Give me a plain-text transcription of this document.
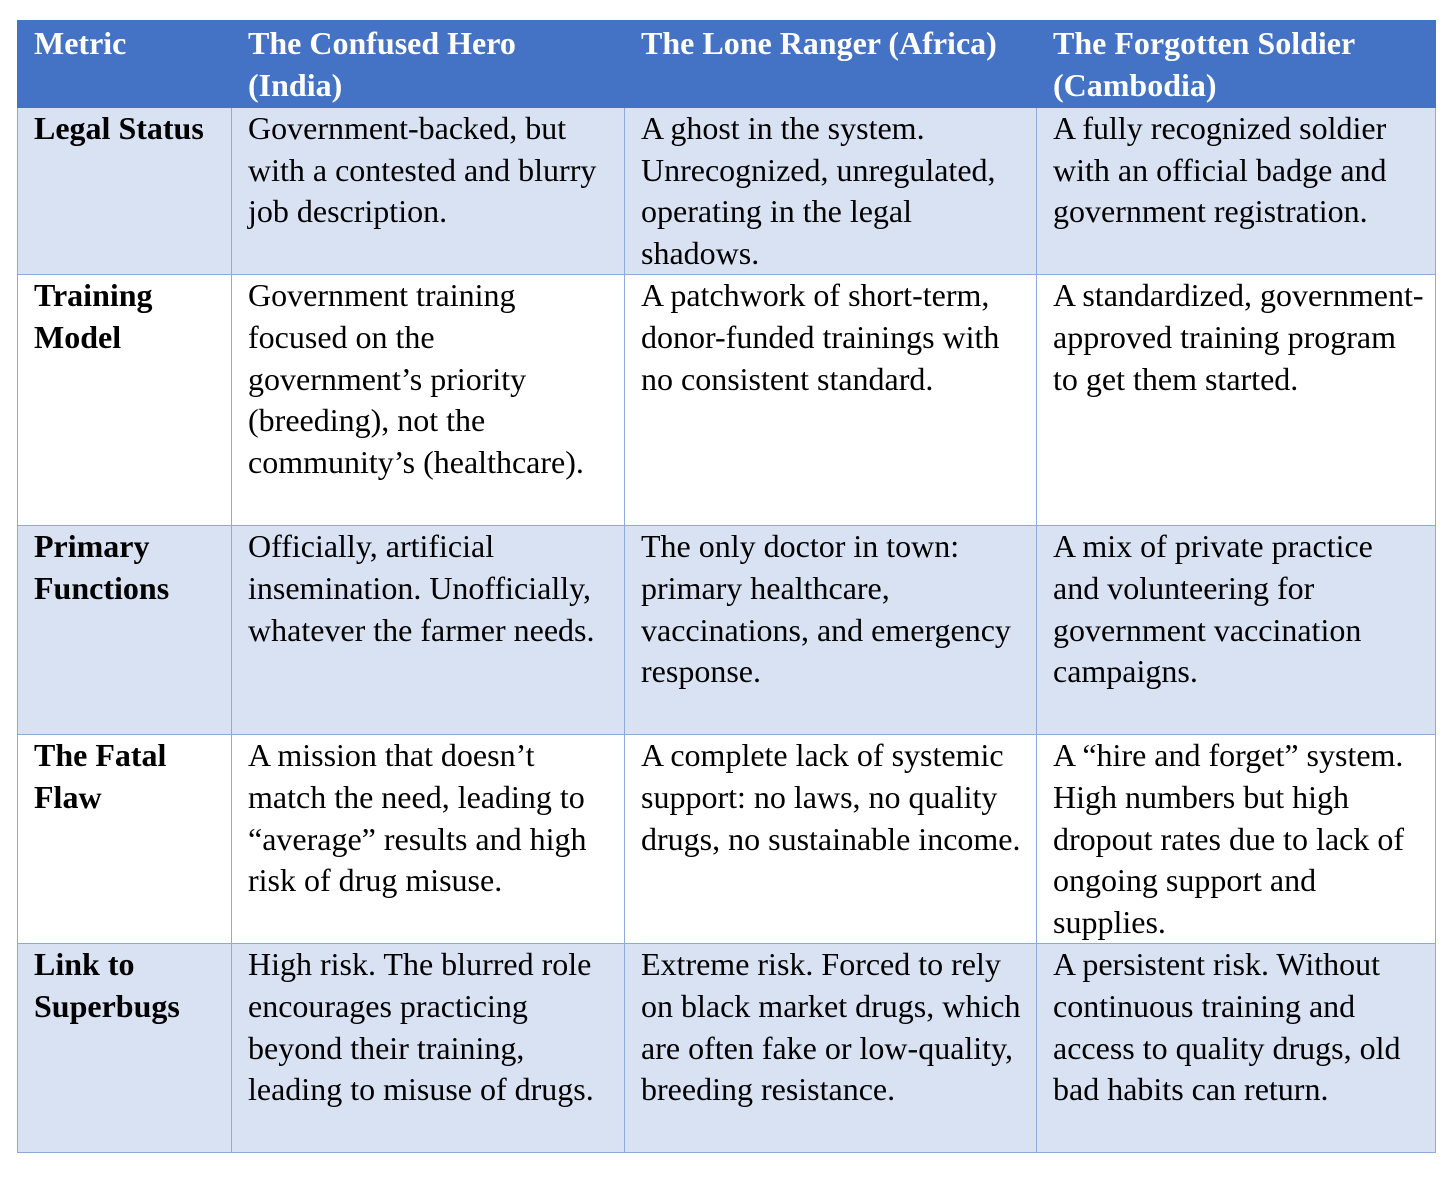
Metric	The Confused Hero (India)	The Lone Ranger (Africa)	The Forgotten Soldier (Cambodia)
Legal Status	Government-backed, but with a contested and blurry job description.	A ghost in the system. Unrecognized, unregulated, operating in the legal shadows.	A fully recognized soldier with an official badge and government registration.
Training Model	Government training focused on the government’s priority (breeding), not the community’s (healthcare).	A patchwork of short-term, donor-funded trainings with no consistent standard.	A standardized, government-approved training program to get them started.
Primary Functions	Officially, artificial insemination. Unofficially, whatever the farmer needs.	The only doctor in town: primary healthcare, vaccinations, and emergency response.	A mix of private practice and volunteering for government vaccination campaigns.
The Fatal Flaw	A mission that doesn’t match the need, leading to “average” results and high risk of drug misuse.	A complete lack of systemic support: no laws, no quality drugs, no sustainable income.	A “hire and forget” system. High numbers but high dropout rates due to lack of ongoing support and supplies.
Link to Superbugs	High risk. The blurred role encourages practicing beyond their training, leading to misuse of drugs.	Extreme risk. Forced to rely on black market drugs, which are often fake or low-quality, breeding resistance.	A persistent risk. Without continuous training and access to quality drugs, old bad habits can return.
